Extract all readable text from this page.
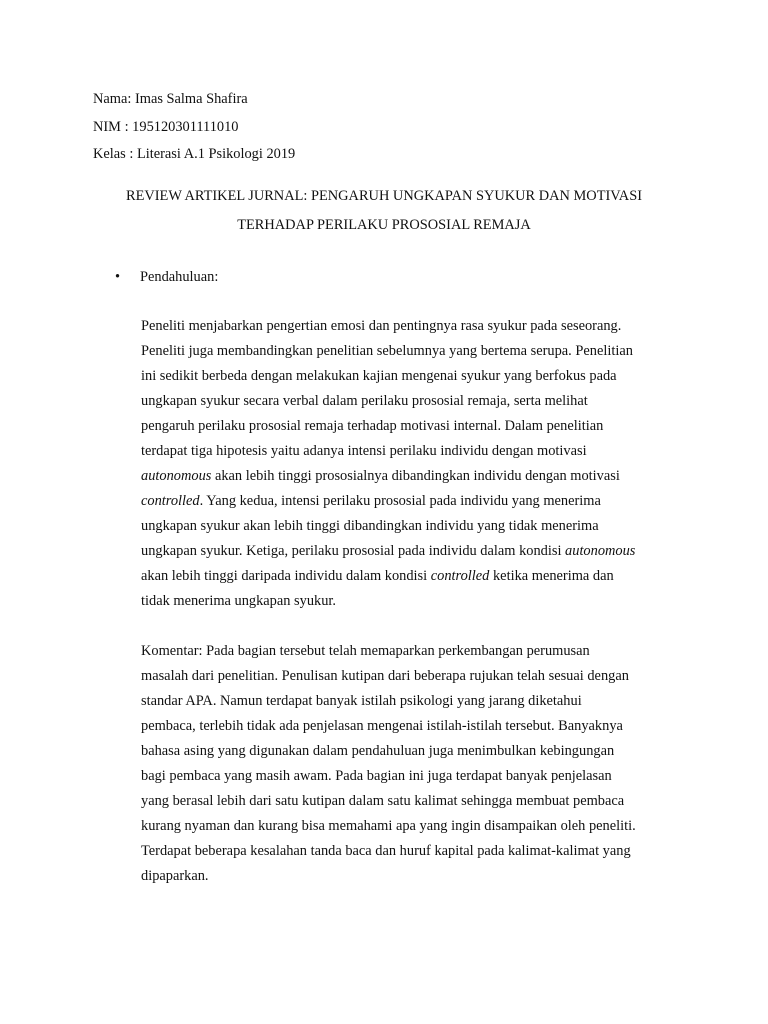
Nama: Imas Salma Shafira
NIM : 195120301111010
Kelas : Literasi A.1 Psikologi 2019
REVIEW ARTIKEL JURNAL: PENGARUH UNGKAPAN SYUKUR DAN MOTIVASI
TERHADAP PERILAKU PROSOSIAL REMAJA
• Pendahuluan:

Peneliti menjabarkan pengertian emosi dan pentingnya rasa syukur pada seseorang.
Peneliti juga membandingkan penelitian sebelumnya yang bertema serupa. Penelitian
ini sedikit berbeda dengan melakukan kajian mengenai syukur yang berfokus pada
ungkapan syukur secara verbal dalam perilaku prososial remaja, serta melihat
pengaruh perilaku prososial remaja terhadap motivasi internal. Dalam penelitian
terdapat tiga hipotesis yaitu adanya intensi perilaku individu dengan motivasi
autonomous akan lebih tinggi prososialnya dibandingkan individu dengan motivasi
controlled. Yang kedua, intensi perilaku prososial pada individu yang menerima
ungkapan syukur akan lebih tinggi dibandingkan individu yang tidak menerima
ungkapan syukur. Ketiga, perilaku prososial pada individu dalam kondisi autonomous
akan lebih tinggi daripada individu dalam kondisi controlled ketika menerima dan
tidak menerima ungkapan syukur.

Komentar: Pada bagian tersebut telah memaparkan perkembangan perumusan
masalah dari penelitian. Penulisan kutipan dari beberapa rujukan telah sesuai dengan
standar APA. Namun terdapat banyak istilah psikologi yang jarang diketahui
pembaca, terlebih tidak ada penjelasan mengenai istilah-istilah tersebut. Banyaknya
bahasa asing yang digunakan dalam pendahuluan juga menimbulkan kebingungan
bagi pembaca yang masih awam. Pada bagian ini juga terdapat banyak penjelasan
yang berasal lebih dari satu kutipan dalam satu kalimat sehingga membuat pembaca
kurang nyaman dan kurang bisa memahami apa yang ingin disampaikan oleh peneliti.
Terdapat beberapa kesalahan tanda baca dan huruf kapital pada kalimat-kalimat yang
dipaparkan.
